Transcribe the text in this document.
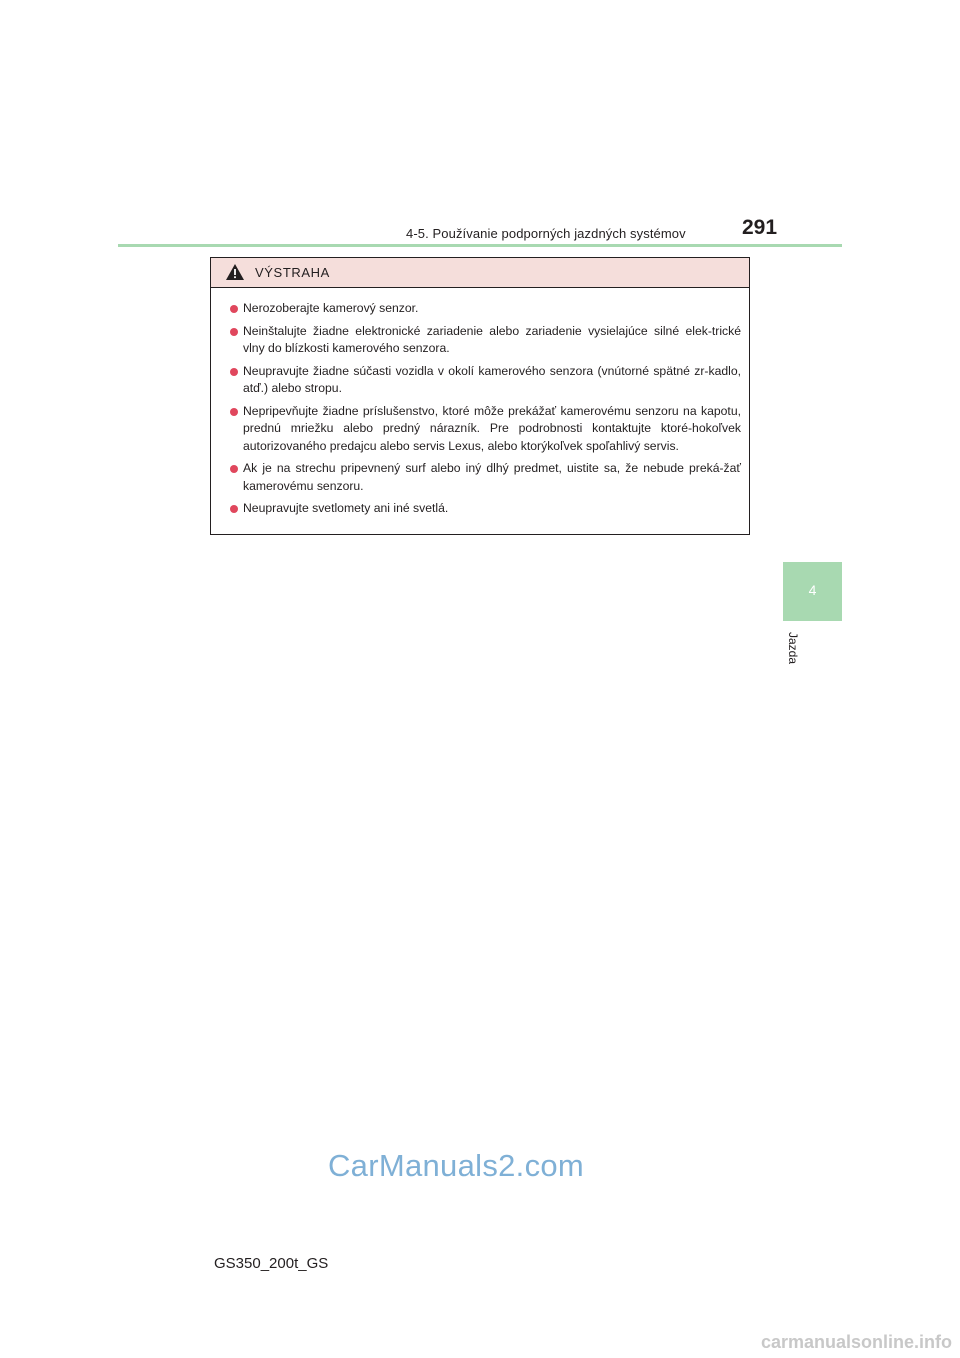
4-5. Používanie podporných jazdných systémov	291
4
Jazda
VÝSTRAHA
Nerozoberajte kamerový senzor.
Neinštalujte žiadne elektronické zariadenie alebo zariadenie vysielajúce silné elek-trické vlny do blízkosti kamerového senzora.
Neupravujte žiadne súčasti vozidla v okolí kamerového senzora (vnútorné spätné zr-kadlo, atď.) alebo stropu.
Nepripevňujte žiadne príslušenstvo, ktoré môže prekážať kamerovému senzoru na kapotu, prednú mriežku alebo predný nárazník. Pre podrobnosti kontaktujte ktoré-hokoľvek autorizovaného predajcu alebo servis Lexus, alebo ktorýkoľvek spoľahlivý servis.
Ak je na strechu pripevnený surf alebo iný dlhý predmet, uistite sa, že nebude preká-žať kamerovému senzoru.
Neupravujte svetlomety ani iné svetlá.
CarManuals2.com
GS350_200t_GS
carmanualsonline.info
